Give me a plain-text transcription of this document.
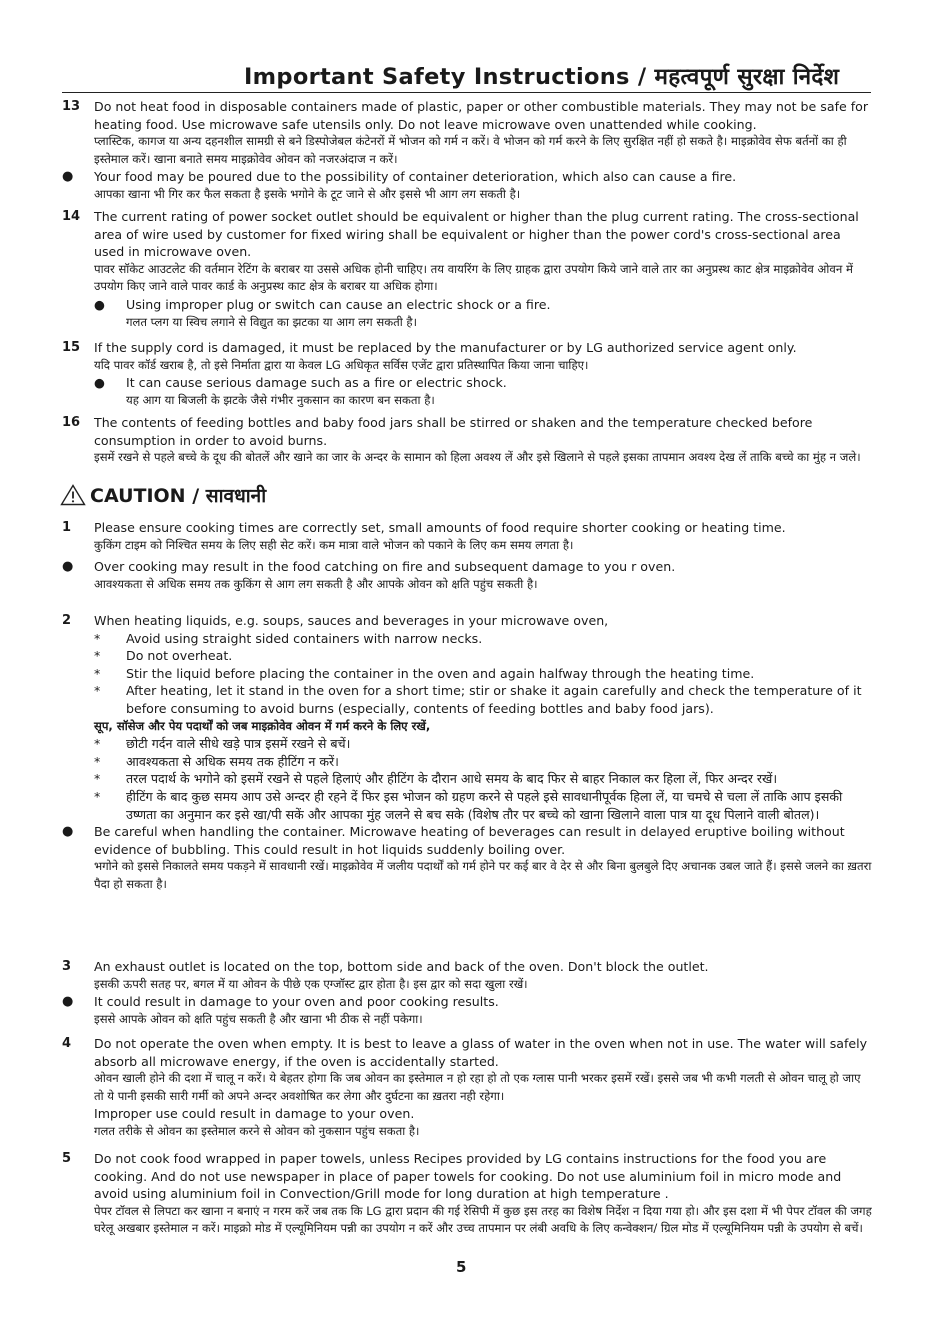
Important Safety Instructions / महत्वपूर्ण सुरक्षा निर्देश
13	Do not heat food in disposable containers made of plastic, paper or other combustible materials. They may not be safe for heating food. Use microwave safe utensils only. Do not leave microwave oven unattended while cooking.

प्लास्टिक, कागज या अन्य दहनशील सामग्री से बने डिस्पोजेबल कंटेनरों में भोजन को गर्म न करें। वे भोजन को गर्म करने के लिए सुरक्षित नहीं हो सकते है। माइक्रोवेव सेफ बर्तनों का ही इस्तेमाल करें। खाना बनाते समय माइक्रोवेव ओवन को नजरअंदाज न करें।

●	Your food may be poured due to the possibility of container deterioration, which also can cause a fire.

आपका खाना भी गिर कर फैल सकता है इसके भगोने के टूट जाने से और इससे भी आग लग सकती है।

14	The current rating of power socket outlet should be equivalent or higher than the plug current rating. The cross-sectional area of wire used by customer for fixed wiring shall be equivalent or higher than the power cord's cross-sectional area used in microwave oven.

पावर सॉकेट आउटलेट की वर्तमान रेटिंग के बराबर या उससे अधिक होनी चाहिए। तय वायरिंग के लिए ग्राहक द्वारा उपयोग किये जाने वाले तार का अनुप्रस्थ काट क्षेत्र माइक्रोवेव ओवन में उपयोग किए जाने वाले पावर कार्ड के अनुप्रस्थ काट क्षेत्र के बराबर या अधिक होगा।

●	Using improper plug or switch can cause an electric shock or a fire.

गलत प्लग या स्विच लगाने से विद्युत का झटका या आग लग सकती है।

15	If the supply cord is damaged, it must be replaced by the manufacturer or by LG authorized service agent only.

यदि पावर कॉर्ड खराब है, तो इसे निर्माता द्वारा या केवल LG अधिकृत सर्विस एजेंट द्वारा प्रतिस्थापित किया जाना चाहिए।

●	It can cause serious damage such as a fire or electric shock.

यह आग या बिजली के झटके जैसे गंभीर नुकसान का कारण बन सकता है।

16	The contents of feeding bottles and baby food jars shall be stirred or shaken and the temperature checked before consumption in order to avoid burns.

इसमें रखने से पहले बच्चे के दूध की बोतलें और खाने का जार के अन्दर के सामान को हिला अवश्य लें और इसे खिलाने से पहले इसका तापमान अवश्य देख लें ताकि बच्चे का मुंह न जले।

CAUTION / सावधानी
1	Please ensure cooking times are correctly set, small amounts of food require shorter cooking or heating time.

कुकिंग टाइम को निश्चित समय के लिए सही सेट करें। कम मात्रा वाले भोजन को पकाने के लिए कम समय लगता है।

●	Over cooking may result in the food catching on fire and subsequent damage to you r oven.

आवश्यकता से अधिक समय तक कुकिंग से आग लग सकती है और आपके ओवन को क्षति पहुंच सकती है।

2	When heating liquids, e.g. soups, sauces and beverages in your microwave oven,

*	Avoid using straight sided containers with narrow necks.
*	Do not overheat.
*	Stir the liquid before placing the container in the oven and again halfway through the heating time.
*	After heating, let it stand in the oven for a short time; stir or shake it again carefully and check the temperature of it before consuming to avoid burns (especially, contents of feeding bottles and baby food jars).

सूप, सॉसेज और पेय पदार्थों को जब माइक्रोवेव ओवन में गर्म करने के लिए रखें,

*	छोटी गर्दन वाले सीधे खड़े पात्र इसमें रखने से बचें।
*	आवश्यकता से अधिक समय तक हीटिंग न करें।
*	तरल पदार्थ के भगोने को इसमें रखने से पहले हिलाएं और हीटिंग के दौरान आधे समय के बाद फिर से बाहर निकाल कर हिला लें, फिर अन्दर रखें।
*	हीटिंग के बाद कुछ समय आप उसे अन्दर ही रहने दें फिर इस भोजन को ग्रहण करने से पहले इसे सावधानीपूर्वक हिला लें, या चमचे से चला लें ताकि आप इसकी उष्णता का अनुमान कर इसे खा/पी सकें और आपका मुंह जलने से बच सके (विशेष तौर पर बच्चे को खाना खिलाने वाला पात्र या दूध पिलाने वाली बोतल)।
●	Be careful when handling the container. Microwave heating of beverages can result in delayed eruptive boiling without evidence of bubbling. This could result in hot liquids suddenly boiling over.

भगोने को इससे निकालते समय पकड़ने में सावधानी रखें। माइक्रोवेव में जलीय पदार्थों को गर्म होने पर कई बार वे देर से और बिना बुलबुले दिए अचानक उबल जाते हैं। इससे जलने का ख़तरा पैदा हो सकता है।

3	An exhaust outlet is located on the top, bottom side and back of the oven. Don't block the outlet.

इसकी ऊपरी सतह पर, बगल में या ओवन के पीछे एक एग्जॉस्ट द्वार होता है। इस द्वार को सदा खुला रखें।

●	It could result in damage to your oven and poor cooking results.

इससे आपके ओवन को क्षति पहुंच सकती है और खाना भी ठीक से नहीं पकेगा।

4	Do not operate the oven when empty. It is best to leave a glass of water in the oven when not in use. The water will safely absorb all microwave energy, if the oven is accidentally started.

ओवन खाली होने की दशा में चालू न करें। ये बेहतर होगा कि जब ओवन का इस्तेमाल न हो रहा हो तो एक ग्लास पानी भरकर इसमें रखें। इससे जब भी कभी गलती से ओवन चालू हो जाए तो ये पानी इसकी सारी गर्मी को अपने अन्दर अवशोषित कर लेगा और दुर्घटना का ख़तरा नही रहेगा।

Improper use could result in damage to your oven.

गलत तरीके से ओवन का इस्तेमाल करने से ओवन को नुकसान पहुंच सकता है।

5	Do not cook food wrapped in paper towels, unless Recipes provided by LG contains instructions for the food you are cooking. And do not use newspaper in place of paper towels for cooking. Do not use aluminium foil in micro mode and avoid using aluminium foil in Convection/Grill mode for long duration at high temperature .

पेपर टॉवल से लिपटा कर खाना न बनाएं न गरम करें जब तक कि LG द्वारा प्रदान की गई रेसिपी में कुछ इस तरह का विशेष निर्देश न दिया गया हो। और इस दशा में भी पेपर टॉवल की जगह घरेलू अखबार इस्तेमाल न करें। माइक्रो मोड में एल्यूमिनियम पन्नी का उपयोग न करें और उच्च तापमान पर लंबी अवधि के लिए कन्वेक्शन/ ग्रिल मोड में एल्यूमिनियम पन्नी के उपयोग से बचें।

5
